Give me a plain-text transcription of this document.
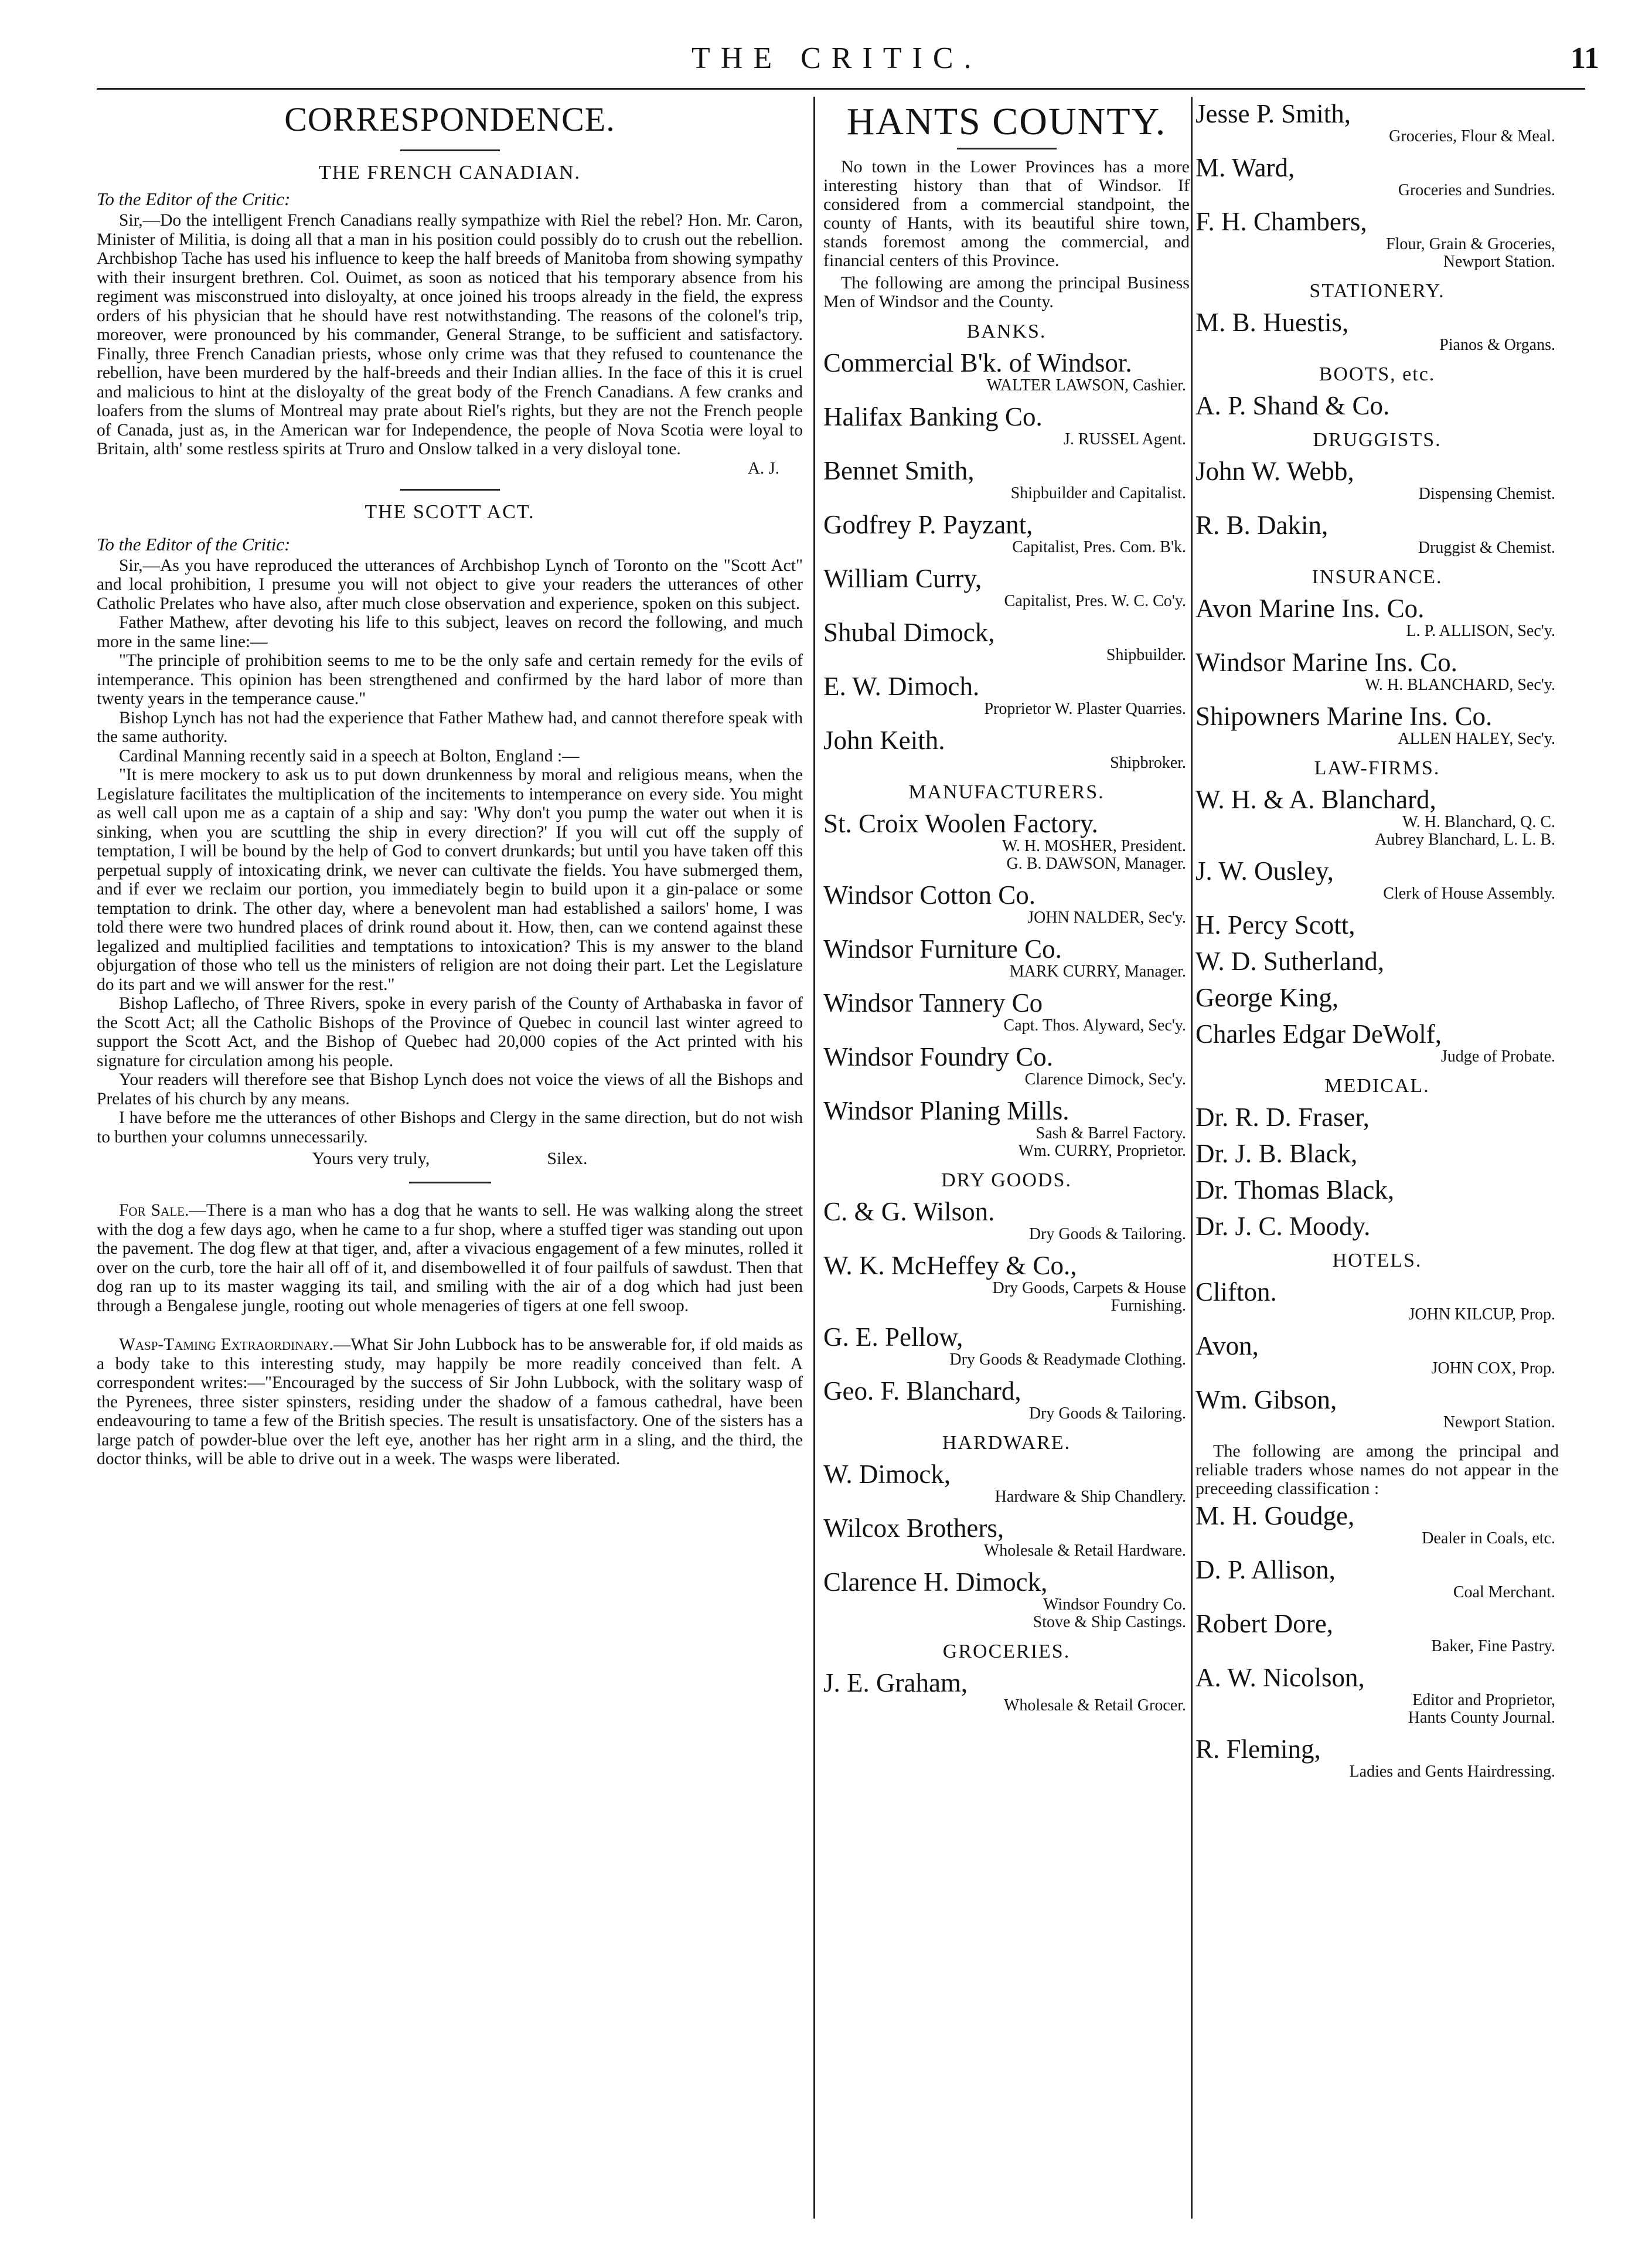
THE CRITIC.	11
CORRESPONDENCE.
THE FRENCH CANADIAN.
To the Editor of the Critic:

Sir,—Do the intelligent French Canadians really sympathize with Riel the rebel? Hon. Mr. Caron, Minister of Militia, is doing all that a man in his position could possibly do to crush out the rebellion. Archbishop Tache has used his influence to keep the half breeds of Manitoba from showing sympathy with their insurgent brethren. Col. Ouimet, as soon as noticed that his temporary absence from his regiment was misconstrued into disloyalty, at once joined his troops already in the field, the express orders of his physician that he should have rest notwithstanding. The reasons of the colonel's trip, moreover, were pronounced by his commander, General Strange, to be sufficient and satisfactory. Finally, three French Canadian priests, whose only crime was that they refused to countenance the rebellion, have been murdered by the half-breeds and their Indian allies. In the face of this it is cruel and malicious to hint at the disloyalty of the great body of the French Canadians. A few cranks and loafers from the slums of Montreal may prate about Riel's rights, but they are not the French people of Canada, just as, in the American war for Independence, the people of Nova Scotia were loyal to Britain, alth' some restless spirits at Truro and Onslow talked in a very disloyal tone.

A. J.
THE SCOTT ACT.
To the Editor of the Critic:

Sir,—As you have reproduced the utterances of Archbishop Lynch of Toronto on the "Scott Act" and local prohibition, I presume you will not object to give your readers the utterances of other Catholic Prelates who have also, after much close observation and experience, spoken on this subject.

Father Mathew, after devoting his life to this subject, leaves on record the following, and much more in the same line:—

"The principle of prohibition seems to me to be the only safe and certain remedy for the evils of intemperance. This opinion has been strengthened and confirmed by the hard labor of more than twenty years in the temperance cause."

Bishop Lynch has not had the experience that Father Mathew had, and cannot therefore speak with the same authority.

Cardinal Manning recently said in a speech at Bolton, England :—

"It is mere mockery to ask us to put down drunkenness by moral and religious means, when the Legislature facilitates the multiplication of the incitements to intemperance on every side. You might as well call upon me as a captain of a ship and say: 'Why don't you pump the water out when it is sinking, when you are scuttling the ship in every direction?' If you will cut off the supply of temptation, I will be bound by the help of God to convert drunkards; but until you have taken off this perpetual supply of intoxicating drink, we never can cultivate the fields. You have submerged them, and if ever we reclaim our portion, you immediately begin to build upon it a gin-palace or some temptation to drink. The other day, where a benevolent man had established a sailors' home, I was told there were two hundred places of drink round about it. How, then, can we contend against these legalized and multiplied facilities and temptations to intoxication? This is my answer to the bland objurgation of those who tell us the ministers of religion are not doing their part. Let the Legislature do its part and we will answer for the rest."

Bishop Laflecho, of Three Rivers, spoke in every parish of the County of Arthabaska in favor of the Scott Act; all the Catholic Bishops of the Province of Quebec in council last winter agreed to support the Scott Act, and the Bishop of Quebec had 20,000 copies of the Act printed with his signature for circulation among his people.

Your readers will therefore see that Bishop Lynch does not voice the views of all the Bishops and Prelates of his church by any means.

I have before me the utterances of other Bishops and Clergy in the same direction, but do not wish to burthen your columns unnecessarily.

Yours very truly,	Silex.

For Sale.—There is a man who has a dog that he wants to sell. He was walking along the street with the dog a few days ago, when he came to a fur shop, where a stuffed tiger was standing out upon the pavement. The dog flew at that tiger, and, after a vivacious engagement of a few minutes, rolled it over on the curb, tore the hair all off of it, and disembowelled it of four pailfuls of sawdust. Then that dog ran up to its master wagging its tail, and smiling with the air of a dog which had just been through a Bengalese jungle, rooting out whole menageries of tigers at one fell swoop.

Wasp-Taming Extraordinary.—What Sir John Lubbock has to be answerable for, if old maids as a body take to this interesting study, may happily be more readily conceived than felt. A correspondent writes:—"Encouraged by the success of Sir John Lubbock, with the solitary wasp of the Pyrenees, three sister spinsters, residing under the shadow of a famous cathedral, have been endeavouring to tame a few of the British species. The result is unsatisfactory. One of the sisters has a large patch of powder-blue over the left eye, another has her right arm in a sling, and the third, the doctor thinks, will be able to drive out in a week. The wasps were liberated.

HANTS COUNTY.

No town in the Lower Provinces has a more interesting history than that of Windsor. If considered from a commercial standpoint, the county of Hants, with its beautiful shire town, stands foremost among the commercial, and financial centers of this Province.

The following are among the principal Business Men of Windsor and the County.

BANKS.
Commercial B'k. of Windsor.
WALTER LAWSON, Cashier.
Halifax Banking Co.
J. RUSSEL Agent.
Bennet Smith,
Shipbuilder and Capitalist.
Godfrey P. Payzant,
Capitalist, Pres. Com. B'k.
William Curry,
Capitalist, Pres. W. C. Co'y.
Shubal Dimock,
Shipbuilder.
E. W. Dimoch.
Proprietor W. Plaster Quarries.
John Keith.
Shipbroker.
MANUFACTURERS.
St. Croix Woolen Factory.
W. H. MOSHER, President.
G. B. DAWSON, Manager.
Windsor Cotton Co.
JOHN NALDER, Sec'y.
Windsor Furniture Co.
MARK CURRY, Manager.
Windsor Tannery Co
Capt. Thos. Alyward, Sec'y.
Windsor Foundry Co.
Clarence Dimock, Sec'y.
Windsor Planing Mills.
Sash & Barrel Factory.
Wm. CURRY, Proprietor.
DRY GOODS.
C. & G. Wilson.
Dry Goods & Tailoring.
W. K. McHeffey & Co.,
Dry Goods, Carpets & House
Furnishing.
G. E. Pellow,
Dry Goods & Readymade Clothing.
Geo. F. Blanchard,
Dry Goods & Tailoring.
HARDWARE.
W. Dimock,
Hardware & Ship Chandlery.
Wilcox Brothers,
Wholesale & Retail Hardware.
Clarence H. Dimock,
Windsor Foundry Co.
Stove & Ship Castings.
GROCERIES.
J. E. Graham,
Wholesale & Retail Grocer.
Jesse P. Smith,
Groceries, Flour & Meal.
M. Ward,
Groceries and Sundries.
F. H. Chambers,
Flour, Grain & Groceries,
Newport Station.
STATIONERY.
M. B. Huestis,
Pianos & Organs.
BOOTS, etc.
A. P. Shand & Co.
DRUGGISTS.
John W. Webb,
Dispensing Chemist.
R. B. Dakin,
Druggist & Chemist.
INSURANCE.
Avon Marine Ins. Co.
L. P. ALLISON, Sec'y.
Windsor Marine Ins. Co.
W. H. BLANCHARD, Sec'y.
Shipowners Marine Ins. Co.
ALLEN HALEY, Sec'y.
LAW-FIRMS.
W. H. & A. Blanchard,
W. H. Blanchard, Q. C.
Aubrey Blanchard, L. L. B.
J. W. Ousley,
Clerk of House Assembly.
H. Percy Scott,
W. D. Sutherland,
George King,
Charles Edgar DeWolf,
Judge of Probate.
MEDICAL.
Dr. R. D. Fraser,
Dr. J. B. Black,
Dr. Thomas Black,
Dr. J. C. Moody.
HOTELS.
Clifton.
JOHN KILCUP, Prop.
Avon,
JOHN COX, Prop.
Wm. Gibson,
Newport Station.

The following are among the principal and reliable traders whose names do not appear in the preceeding classification :

M. H. Goudge,
Dealer in Coals, etc.
D. P. Allison,
Coal Merchant.
Robert Dore,
Baker, Fine Pastry.
A. W. Nicolson,
Editor and Proprietor,
Hants County Journal.
R. Fleming,
Ladies and Gents Hairdressing.
